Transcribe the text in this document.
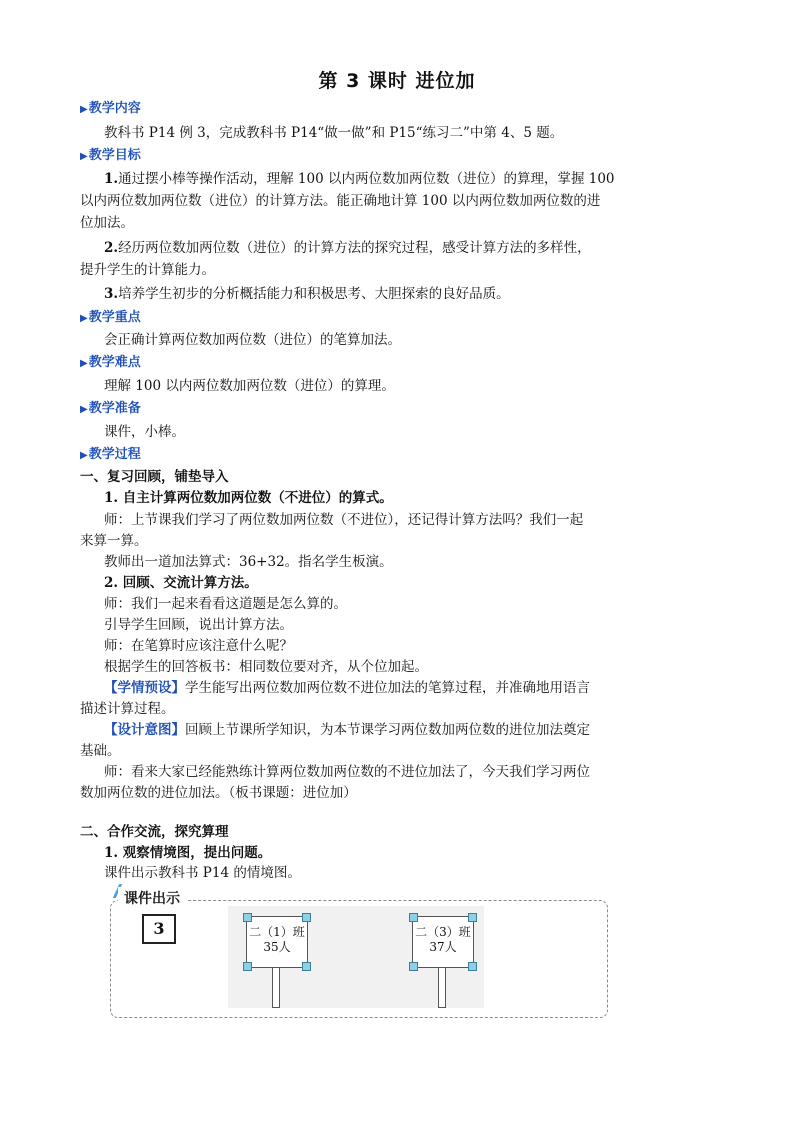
第 3 课时 进位加
▶教学内容
教科书 P14 例 3，完成教科书 P14“做一做”和 P15“练习二”中第 4、5 题。
▶教学目标
1.通过摆小棒等操作活动，理解 100 以内两位数加两位数（进位）的算理，掌握 100
以内两位数加两位数（进位）的计算方法。能正确地计算 100 以内两位数加两位数的进
位加法。
2.经历两位数加两位数（进位）的计算方法的探究过程，感受计算方法的多样性，
提升学生的计算能力。
3.培养学生初步的分析概括能力和积极思考、大胆探索的良好品质。
▶教学重点
会正确计算两位数加两位数（进位）的笔算加法。
▶教学难点
理解 100 以内两位数加两位数（进位）的算理。
▶教学准备
课件，小棒。
▶教学过程
一、复习回顾，铺垫导入
1. 自主计算两位数加两位数（不进位）的算式。
师：上节课我们学习了两位数加两位数（不进位），还记得计算方法吗？我们一起
来算一算。
教师出一道加法算式：36+32。指名学生板演。
2. 回顾、交流计算方法。
师：我们一起来看看这道题是怎么算的。
引导学生回顾，说出计算方法。
师：在笔算时应该注意什么呢？
根据学生的回答板书：相同数位要对齐，从个位加起。
【学情预设】学生能写出两位数加两位数不进位加法的笔算过程，并准确地用语言
描述计算过程。
【设计意图】回顾上节课所学知识，为本节课学习两位数加两位数的进位加法奠定
基础。
师：看来大家已经能熟练计算两位数加两位数的不进位加法了，今天我们学习两位
数加两位数的进位加法。（板书课题：进位加）
二、合作交流，探究算理
1. 观察情境图，提出问题。
课件出示教科书 P14 的情境图。
课件出示
3	二（1）班
35人
二（3）班
37人
